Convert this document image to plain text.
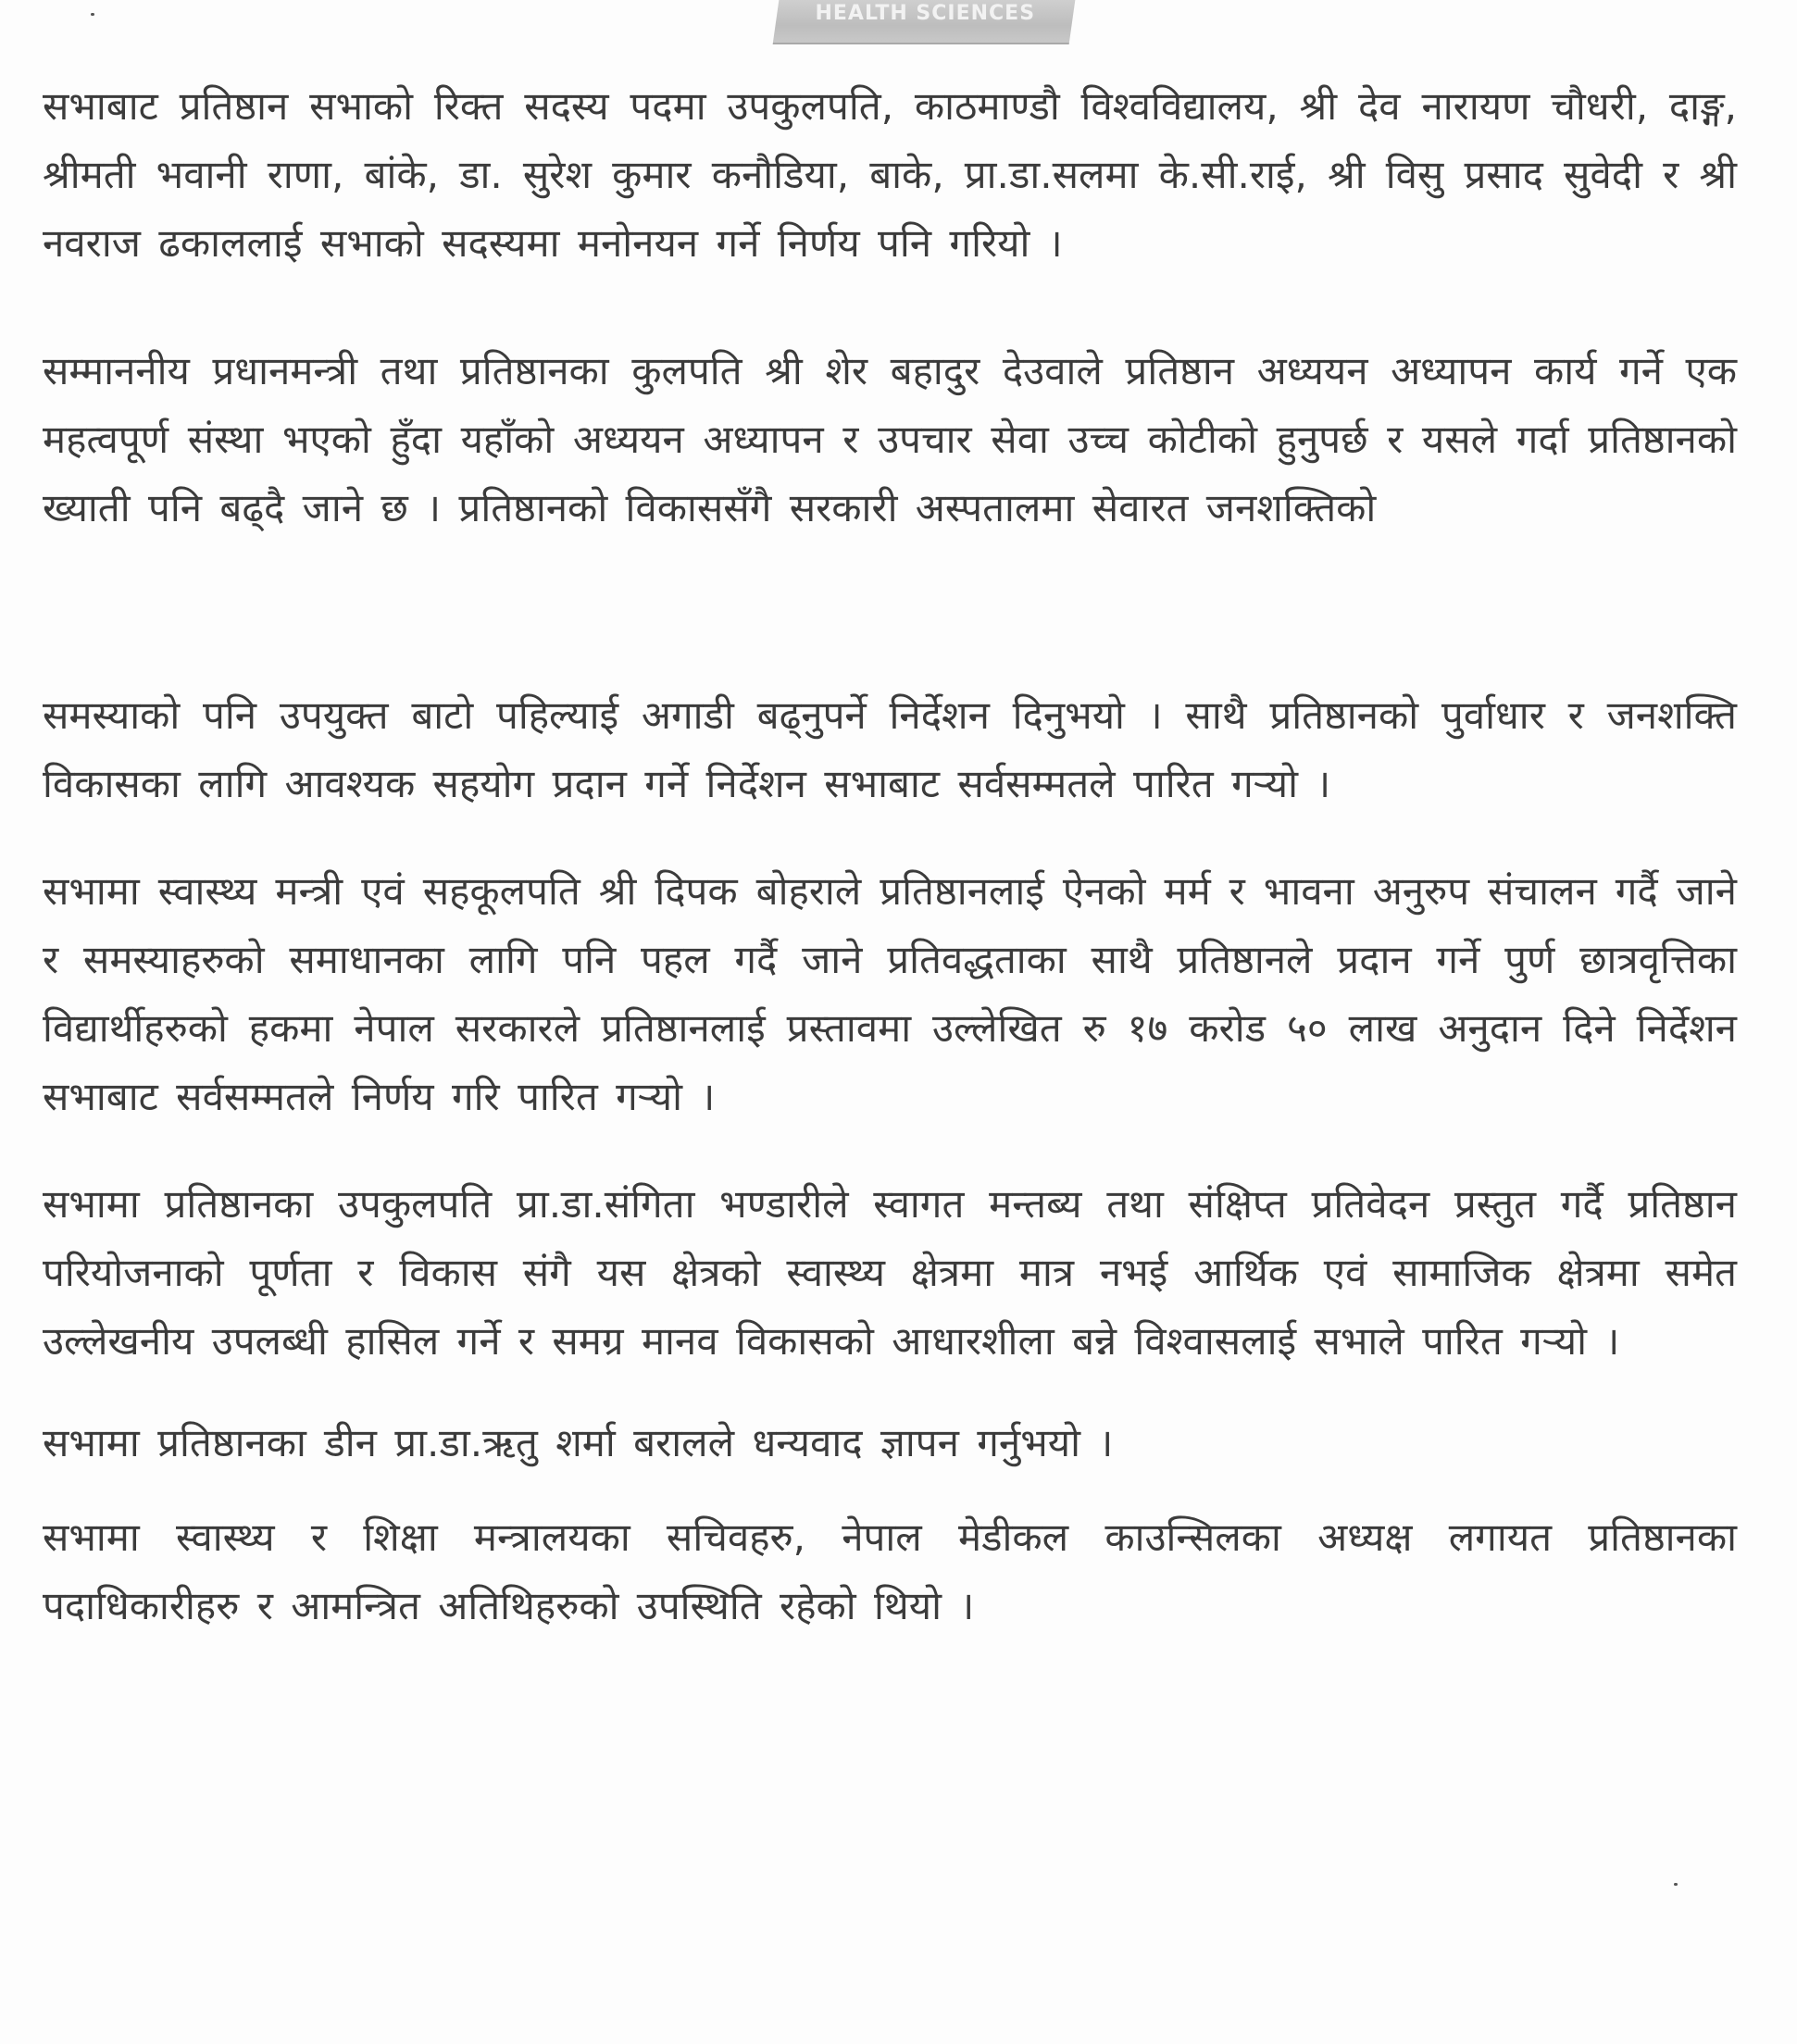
HEALTH SCIENCES

सभाबाट प्रतिष्ठान सभाको रिक्त सदस्य पदमा उपकुलपति, काठमाण्डौ विश्वविद्यालय, श्री देव नारायण चौधरी, दाङ्ग, श्रीमती भवानी राणा, बांके, डा. सुरेश कुमार कनौडिया, बाके, प्रा.डा.सलमा के.सी.राई, श्री विसु प्रसाद सुवेदी र श्री नवराज ढकाललाई सभाको सदस्यमा मनोनयन गर्ने निर्णय पनि गरियो ।

सम्माननीय प्रधानमन्त्री तथा प्रतिष्ठानका कुलपति श्री शेर बहादुर देउवाले प्रतिष्ठान अध्ययन अध्यापन कार्य गर्ने एक महत्वपूर्ण संस्था भएको हुँदा यहाँको अध्ययन अध्यापन र उपचार सेवा उच्च कोटीको हुनुपर्छ र यसले गर्दा प्रतिष्ठानको ख्याती पनि बढ्दै जाने छ । प्रतिष्ठानको विकाससँगै सरकारी अस्पतालमा सेवारत जनशक्तिको

समस्याको पनि उपयुक्त बाटो पहिल्याई अगाडी बढ्नुपर्ने निर्देशन दिनुभयो । साथै प्रतिष्ठानको पुर्वाधार र जनशक्ति विकासका लागि आवश्यक सहयोग प्रदान गर्ने निर्देशन सभाबाट सर्वसम्मतले पारित गर्‍यो ।

सभामा स्वास्थ्य मन्त्री एवं सहकूलपति श्री दिपक बोहराले प्रतिष्ठानलाई ऐनको मर्म र भावना अनुरुप संचालन गर्दै जाने र समस्याहरुको समाधानका लागि पनि पहल गर्दै जाने प्रतिवद्धताका साथै प्रतिष्ठानले प्रदान गर्ने पुर्ण छात्रवृत्तिका विद्यार्थीहरुको हकमा नेपाल सरकारले प्रतिष्ठानलाई प्रस्तावमा उल्लेखित रु १७ करोड ५० लाख अनुदान दिने निर्देशन सभाबाट सर्वसम्मतले निर्णय गरि पारित गर्‍यो ।

सभामा प्रतिष्ठानका उपकुलपति प्रा.डा.संगिता भण्डारीले स्वागत मन्तब्य तथा संक्षिप्त प्रतिवेदन प्रस्तुत गर्दै प्रतिष्ठान परियोजनाको पूर्णता र विकास संगै यस क्षेत्रको स्वास्थ्य क्षेत्रमा मात्र नभई आर्थिक एवं सामाजिक क्षेत्रमा समेत उल्लेखनीय उपलब्धी हासिल गर्ने र समग्र मानव विकासको आधारशीला बन्ने विश्वासलाई सभाले पारित गर्‍यो ।

सभामा प्रतिष्ठानका डीन प्रा.डा.ऋतु शर्मा बरालले धन्यवाद ज्ञापन गर्नुभयो ।

सभामा स्वास्थ्य र शिक्षा मन्त्रालयका सचिवहरु, नेपाल मेडीकल काउन्सिलका अध्यक्ष लगायत प्रतिष्ठानका पदाधिकारीहरु र आमन्त्रित अतिथिहरुको उपस्थिति रहेको थियो ।
